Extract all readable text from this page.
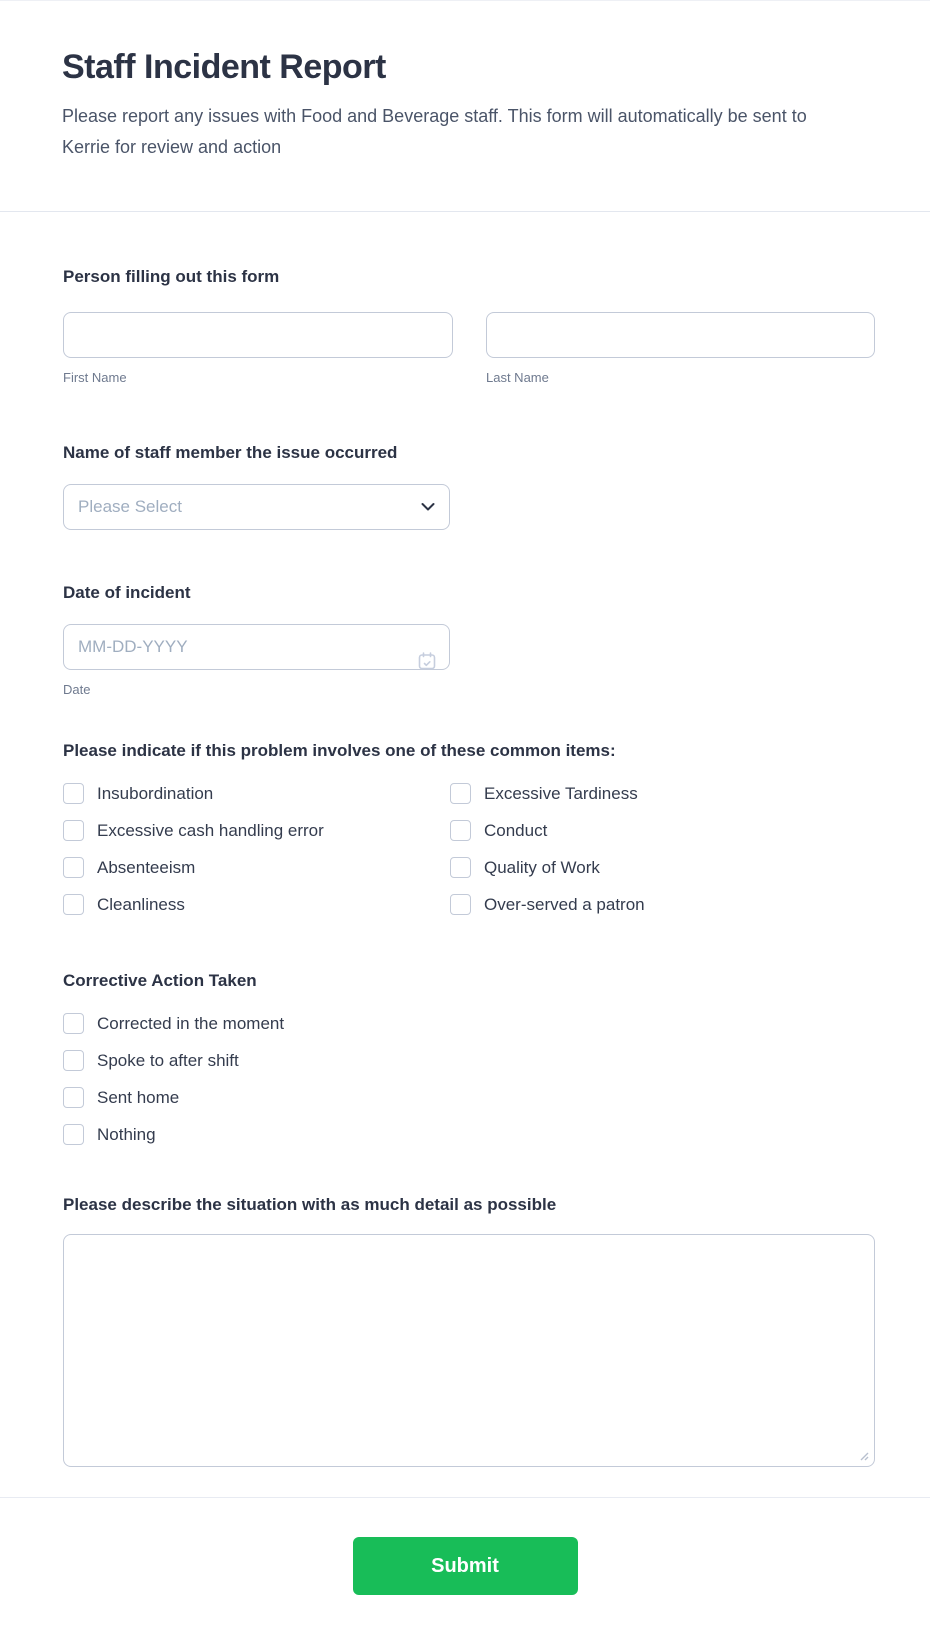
Staff Incident Report

Please report any issues with Food and Beverage staff. This form will automatically be sent to Kerrie for review and action

Person filling out this form
First Name	Last Name
Name of staff member the issue occurred
Please Select
Date of incident
MM-DD-YYYY
Date
Please indicate if this problem involves one of these common items:
Insubordination	Excessive Tardiness
Excessive cash handling error	Conduct
Absenteeism	Quality of Work
Cleanliness	Over-served a patron
Corrective Action Taken
Corrected in the moment
Spoke to after shift
Sent home
Nothing
Please describe the situation with as much detail as possible
Submit
